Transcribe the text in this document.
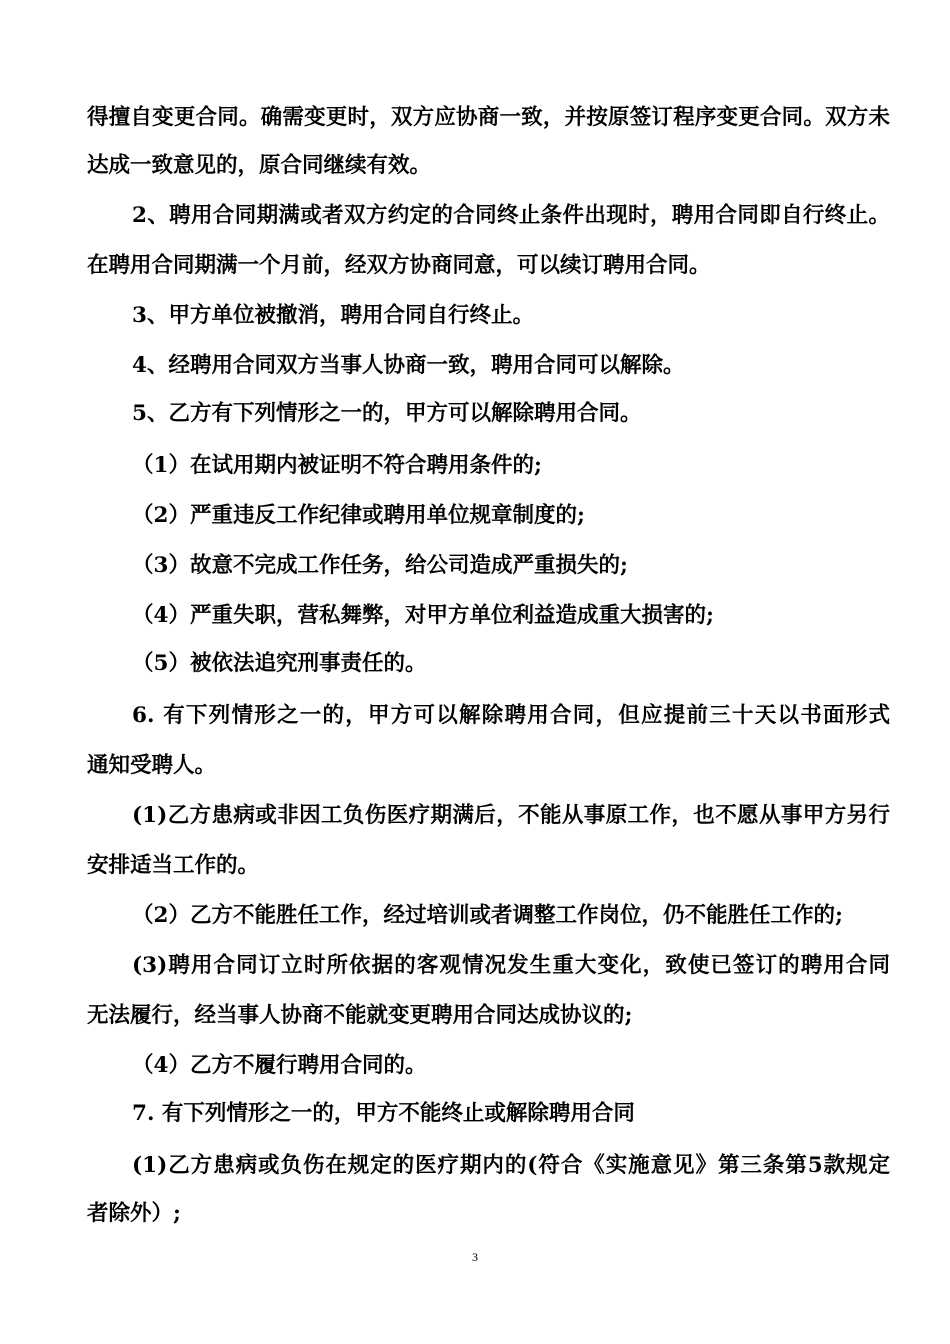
得擅自变更合同。确需变更时，双方应协商一致，并按原签订程序变更合同。双方未
达成一致意见的，原合同继续有效。
2、聘用合同期满或者双方约定的合同终止条件出现时，聘用合同即自行终止。
在聘用合同期满一个月前，经双方协商同意，可以续订聘用合同。
3、甲方单位被撤消，聘用合同自行终止。
4、经聘用合同双方当事人协商一致，聘用合同可以解除。
5、乙方有下列情形之一的，甲方可以解除聘用合同。
（1）在试用期内被证明不符合聘用条件的;
（2）严重违反工作纪律或聘用单位规章制度的;
（3）故意不完成工作任务，给公司造成严重损失的;
（4）严重失职，营私舞弊，对甲方单位利益造成重大损害的;
（5）被依法追究刑事责任的。
6. 有下列情形之一的，甲方可以解除聘用合同，但应提前三十天以书面形式
通知受聘人。
(1)乙方患病或非因工负伤医疗期满后，不能从事原工作，也不愿从事甲方另行
安排适当工作的。
（2）乙方不能胜任工作，经过培训或者调整工作岗位，仍不能胜任工作的;
(3)聘用合同订立时所依据的客观情况发生重大变化，致使已签订的聘用合同
无法履行，经当事人协商不能就变更聘用合同达成协议的;
（4）乙方不履行聘用合同的。
7. 有下列情形之一的，甲方不能终止或解除聘用合同
(1)乙方患病或负伤在规定的医疗期内的(符合《实施意见》第三条第5款规定
者除外）;
3
